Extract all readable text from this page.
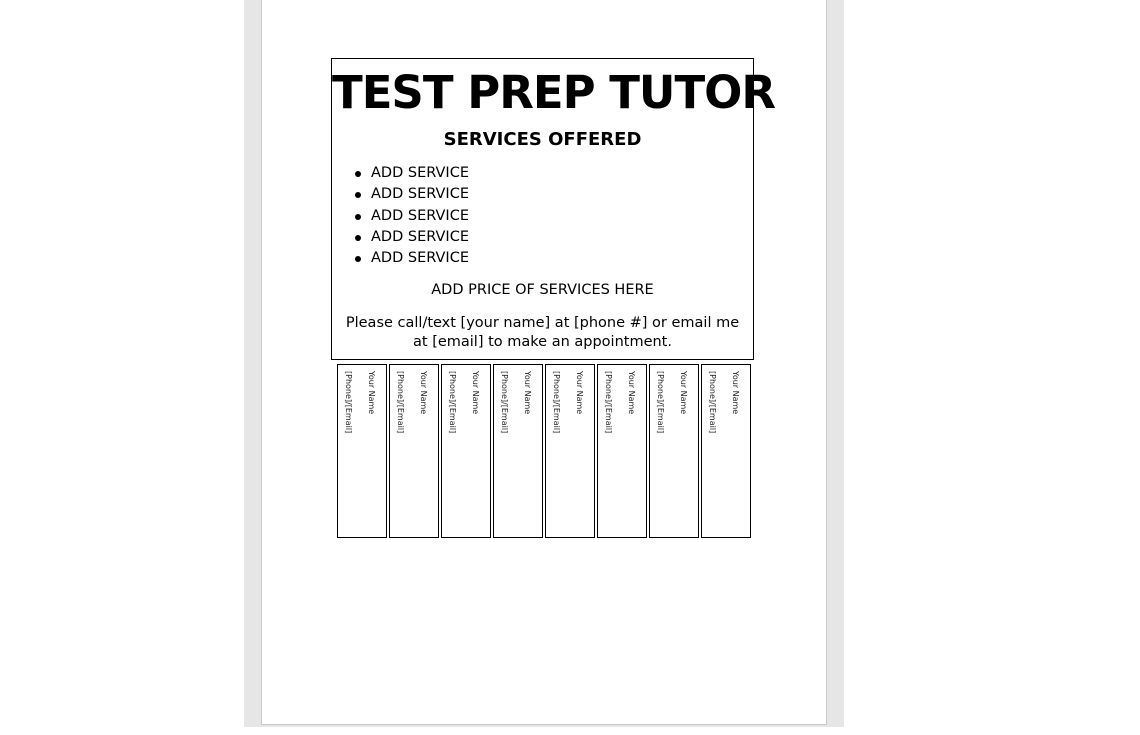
TEST PREP TUTOR
SERVICES OFFERED
ADD SERVICE
ADD SERVICE
ADD SERVICE
ADD SERVICE
ADD SERVICE
ADD PRICE OF SERVICES HERE
Please call/text [your name] at [phone #] or email me at [email] to make an appointment.
Your Name
[Phone]/[Email]	Your Name
[Phone]/[Email]	Your Name
[Phone]/[Email]	Your Name
[Phone]/[Email]	Your Name
[Phone]/[Email]	Your Name
[Phone]/[Email]	Your Name
[Phone]/[Email]	Your Name
[Phone]/[Email]
